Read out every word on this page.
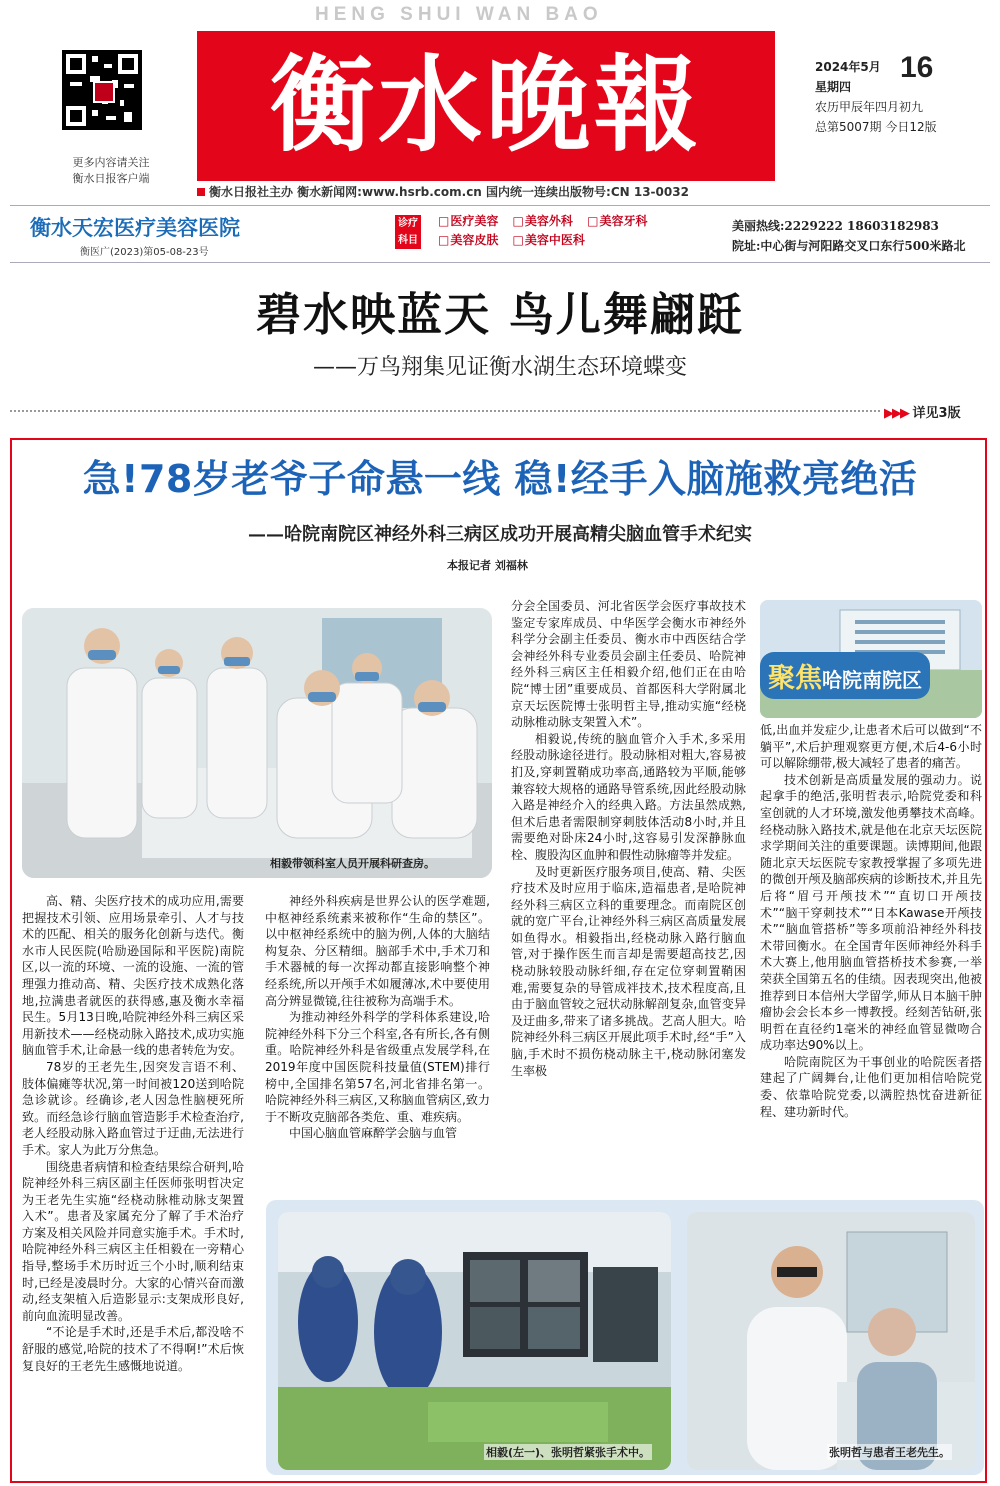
HENG SHUI WAN BAO
更多内容请关注
衡水日报客户端
衡水晚報	2024年5月
星期四
16
农历甲辰年四月初九
总第5007期 今日12版
衡水日报社主办 衡水新闻网:www.hsrb.com.cn 国内统一连续出版物号:CN 13-0032
衡水天宏医疗美容医院
衡医广(2023)第05-08-23号
诊疗科目
□ 医疗美容 □ 美容外科 □ 美容牙科
□ 美容皮肤 □ 美容中医科
美丽热线:2229222 18603182983
院址:中心街与河阳路交叉口东行500米路北
碧水映蓝天 鸟儿舞翩跹
——万鸟翔集见证衡水湖生态环境蝶变
▶▶▶ 详见3版
急!78岁老爷子命悬一线 稳!经手入脑施救亮绝活
——哈院南院区神经外科三病区成功开展高精尖脑血管手术纪实
本报记者 刘福林
相毅带领科室人员开展科研查房。
聚焦哈院南院区

分会全国委员、河北省医学会医疗事故技术鉴定专家库成员、中华医学会衡水市神经外科学分会副主任委员、衡水市中西医结合学会神经外科专业委员会副主任委员、哈院神经外科三病区主任相毅介绍,他们正在由哈院“博士团”重要成员、首都医科大学附属北京天坛医院博士张明哲主导,推动实施“经桡动脉椎动脉支架置入术”。

相毅说,传统的脑血管介入手术,多采用经股动脉途径进行。股动脉相对粗大,容易被扪及,穿刺置鞘成功率高,通路较为平顺,能够兼容较大规格的通路导管系统,因此经股动脉入路是神经介入的经典入路。方法虽然成熟,但术后患者需限制穿刺肢体活动8小时,并且需要绝对卧床24小时,这容易引发深静脉血栓、腹股沟区血肿和假性动脉瘤等并发症。

及时更新医疗服务项目,使高、精、尖医疗技术及时应用于临床,造福患者,是哈院神经外科三病区立科的重要理念。而南院区创就的宽广平台,让神经外科三病区高质量发展如鱼得水。相毅指出,经桡动脉入路行脑血管,对于操作医生而言却是需要超高技艺,因桡动脉较股动脉纤细,存在定位穿刺置鞘困难,需要复杂的导管成袢技术,技术程度高,且由于脑血管较之冠状动脉解剖复杂,血管变异及迂曲多,带来了诸多挑战。艺高人胆大。哈院神经外科三病区开展此项手术时,经“手”入脑,手术时不损伤桡动脉主干,桡动脉闭塞发生率极

低,出血并发症少,让患者术后可以做到“不躺平”,术后护理观察更方便,术后4-6小时可以解除绷带,极大减轻了患者的痛苦。

技术创新是高质量发展的强动力。说起拿手的绝活,张明哲表示,哈院党委和科室创就的人才环境,激发他勇攀技术高峰。经桡动脉入路技术,就是他在北京天坛医院求学期间关注的重要课题。读博期间,他跟随北京天坛医院专家教授掌握了多项先进的微创开颅及脑部疾病的诊断技术,并且先后将“眉弓开颅技术”“直切口开颅技术”“脑干穿刺技术”“日本Kawase开颅技术”“脑血管搭桥”等多项前沿神经外科技术带回衡水。在全国青年医师神经外科手术大赛上,他用脑血管搭桥技术参赛,一举荣获全国第五名的佳绩。因表现突出,他被推荐到日本信州大学留学,师从日本脑干肿瘤协会会长本乡一博教授。经刻苦钻研,张明哲在直径约1毫米的神经血管显微吻合成功率达90%以上。

哈院南院区为干事创业的哈院医者搭建起了广阔舞台,让他们更加相信哈院党委、依靠哈院党委,以满腔热忱奋进新征程、建功新时代。

高、精、尖医疗技术的成功应用,需要把握技术引领、应用场景牵引、人才与技术的匹配、相关的服务化创新与迭代。衡水市人民医院(哈励逊国际和平医院)南院区,以一流的环境、一流的设施、一流的管理强力推动高、精、尖医疗技术成熟化落地,拉满患者就医的获得感,惠及衡水幸福民生。5月13日晚,哈院神经外科三病区采用新技术——经桡动脉入路技术,成功实施脑血管手术,让命悬一线的患者转危为安。

78岁的王老先生,因突发言语不利、肢体偏瘫等状况,第一时间被120送到哈院急诊就诊。经确诊,老人因急性脑梗死所致。而经急诊行脑血管造影手术检查治疗,老人经股动脉入路血管过于迂曲,无法进行手术。家人为此万分焦急。

围绕患者病情和检查结果综合研判,哈院神经外科三病区副主任医师张明哲决定为王老先生实施“经桡动脉椎动脉支架置入术”。患者及家属充分了解了手术治疗方案及相关风险并同意实施手术。手术时,哈院神经外科三病区主任相毅在一旁精心指导,整场手术历时近三个小时,顺利结束时,已经是凌晨时分。大家的心情兴奋而激动,经支架植入后造影显示:支架成形良好,前向血流明显改善。

“不论是手术时,还是手术后,都没啥不舒服的感觉,哈院的技术了不得啊!”术后恢复良好的王老先生感慨地说道。

神经外科疾病是世界公认的医学难题,中枢神经系统素来被称作“生命的禁区”。以中枢神经系统中的脑为例,人体的大脑结构复杂、分区精细。脑部手术中,手术刀和手术器械的每一次挥动都直接影响整个神经系统,所以开颅手术如履薄冰,术中要使用高分辨显微镜,往往被称为高端手术。

为推动神经外科学的学科体系建设,哈院神经外科下分三个科室,各有所长,各有侧重。哈院神经外科是省级重点发展学科,在2019年度中国医院科技量值(STEM)排行榜中,全国排名第57名,河北省排名第一。哈院神经外科三病区,又称脑血管病区,致力于不断攻克脑部各类危、重、难疾病。

中国心脑血管麻醉学会脑与血管

相毅(左一)、张明哲紧张手术中。	张明哲与患者王老先生。
